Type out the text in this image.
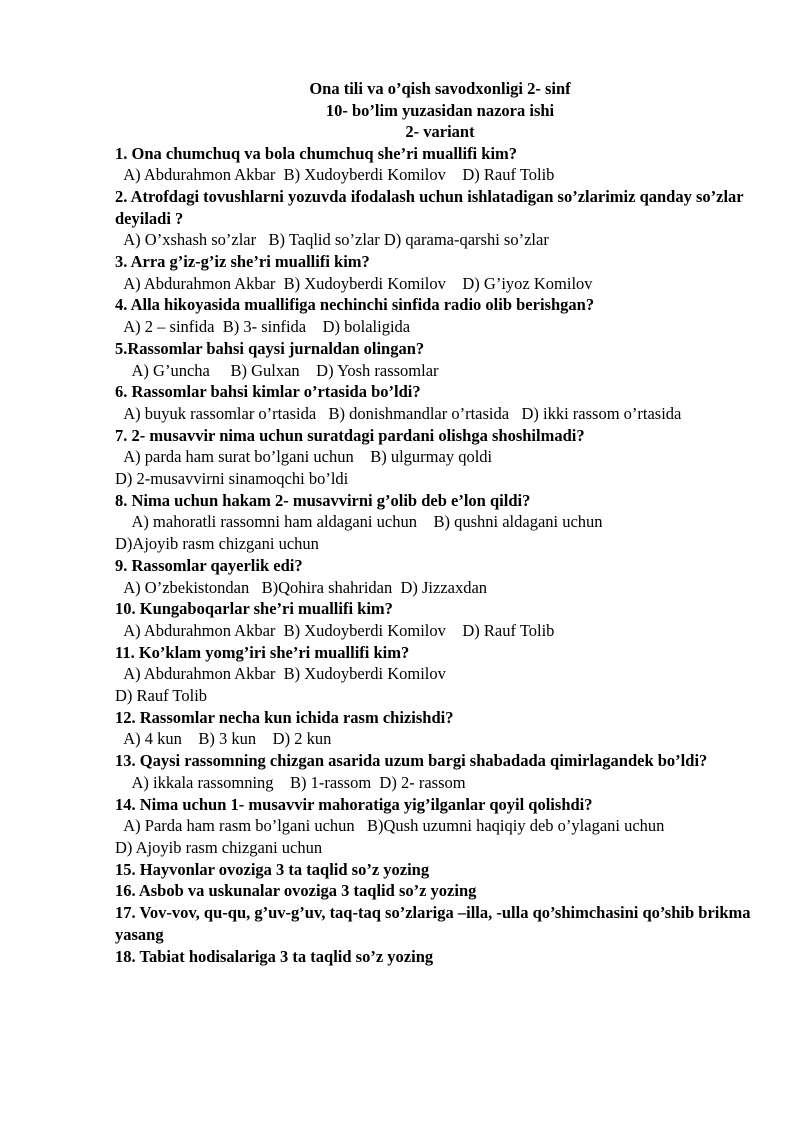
Ona tili va o’qish savodxonligi 2- sinf
10- bo’lim yuzasidan nazora ishi
2- variant
1. Ona chumchuq va bola chumchuq she’ri muallifi kim?
A) Abdurahmon Akbar  B) Xudoyberdi Komilov    D) Rauf Tolib
2. Atrofdagi tovushlarni yozuvda ifodalash uchun ishlatadigan so’zlarimiz qanday so’zlar deyiladi ?
A) O’xshash so’zlar   B) Taqlid so’zlar D) qarama-qarshi so’zlar
3. Arra g’iz-g’iz she’ri muallifi kim?
A) Abdurahmon Akbar  B) Xudoyberdi Komilov    D) G’iyoz Komilov
4. Alla hikoyasida muallifiga nechinchi sinfida radio olib berishgan?
A) 2 – sinfida  B) 3- sinfida    D) bolaligida
5.Rassomlar bahsi qaysi jurnaldan olingan?
A) G’uncha     B) Gulxan    D) Yosh rassomlar
6. Rassomlar bahsi kimlar o’rtasida bo’ldi?
A) buyuk rassomlar o’rtasida   B) donishmandlar o’rtasida   D) ikki rassom o’rtasida
7. 2- musavvir nima uchun suratdagi pardani olishga shoshilmadi?
A) parda ham surat bo’lgani uchun    B) ulgurmay qoldi
D) 2-musavvirni sinamoqchi bo’ldi
8. Nima uchun hakam 2- musavvirni g’olib deb e’lon qildi?
A) mahoratli rassomni ham aldagani uchun    B) qushni aldagani uchun
D)Ajoyib rasm chizgani uchun
9. Rassomlar qayerlik edi?
A) O’zbekistondan   B)Qohira shahridan  D) Jizzaxdan
10. Kungaboqarlar she’ri muallifi kim?
A) Abdurahmon Akbar  B) Xudoyberdi Komilov    D) Rauf Tolib
11. Ko’klam yomg’iri she’ri muallifi kim?
A) Abdurahmon Akbar  B) Xudoyberdi Komilov
D) Rauf Tolib
12. Rassomlar necha kun ichida rasm chizishdi?
A) 4 kun    B) 3 kun    D) 2 kun
13. Qaysi rassomning chizgan asarida uzum bargi shabadada qimirlagandek bo’ldi?
A) ikkala rassomning    B) 1-rassom  D) 2- rassom
14. Nima uchun 1- musavvir mahoratiga yig’ilganlar qoyil qolishdi?
A) Parda ham rasm bo’lgani uchun   B)Qush uzumni haqiqiy deb o’ylagani uchun
D) Ajoyib rasm chizgani uchun
15. Hayvonlar ovoziga 3 ta taqlid so’z yozing
16. Asbob va uskunalar ovoziga 3 taqlid so’z yozing
17. Vov-vov, qu-qu, g’uv-g’uv, taq-taq so’zlariga –illa, -ulla qo’shimchasini qo’shib brikma yasang
18. Tabiat hodisalariga 3 ta taqlid so’z yozing
